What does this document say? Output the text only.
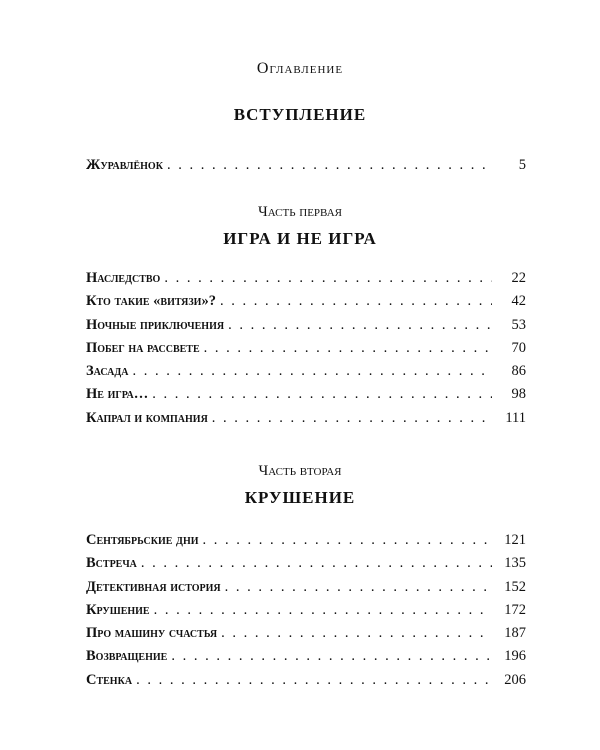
Оглавление
ВСТУПЛЕНИЕ
Журавлёнок . . .	5
Часть первая
ИГРА И НЕ ИГРА
Наследство . . .	22
Кто такие «витязи»? . . .	42
Ночные приключения . . .	53
Побег на рассвете . . .	70
Засада . . .	86
Не игра… . . .	98
Капрал и компания . . .	111
Часть вторая
КРУШЕНИЕ
Сентябрьские дни . . .	121
Встреча . . .	135
Детективная история . . .	152
Крушение . . .	172
Про машину счастья . . .	187
Возвращение . . .	196
Стенка . . .	206
